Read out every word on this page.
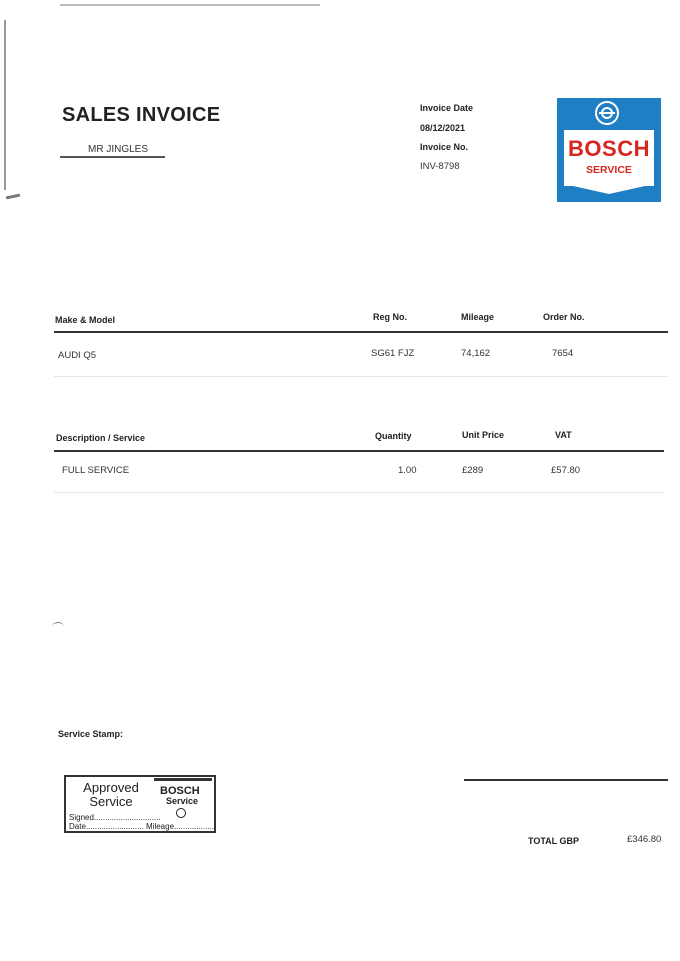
SALES INVOICE
MR JINGLES
Invoice Date
08/12/2021
Invoice No.
INV-8798
BOSCH
SERVICE
Make & Model	Reg No.	Mileage	Order No.
AUDI Q5	SG61 FJZ	74,162	7654
Description / Service	Quantity	Unit Price	VAT
FULL SERVICE	1.00	£289	£57.80
Service Stamp:
Approved Service
BOSCH
Service
Signed..............................
Date.......................... Mileage..................
TOTAL GBP	£346.80
